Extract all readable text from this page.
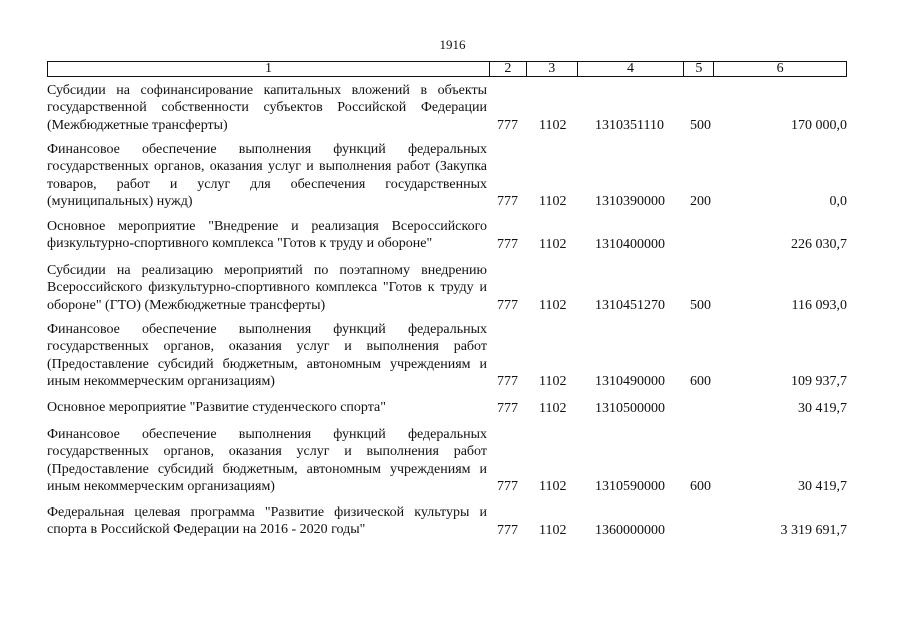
1916
1	2	3	4	5	6
Субсидии на софинансирование капитальных вложений в объекты государственной собственности субъектов Российской Федерации (Межбюджетные трансферты)	777 1102 1310351110 500	170 000,0
Финансовое обеспечение выполнения функций федеральных государственных органов, оказания услуг и выполнения работ (Закупка товаров, работ и услуг для обеспечения государственных (муниципальных) нужд)	777 1102 1310390000 200	0,0
Основное мероприятие "Внедрение и реализация Всероссийского физкультурно-спортивного комплекса "Готов к труду и обороне"	777 1102 1310400000	226 030,7
Субсидии на реализацию мероприятий по поэтапному внедрению Всероссийского физкультурно-спортивного комплекса "Готов к труду и обороне" (ГТО) (Межбюджетные трансферты)	777 1102 1310451270 500	116 093,0
Финансовое обеспечение выполнения функций федеральных государственных органов, оказания услуг и выполнения работ (Предоставление субсидий бюджетным, автономным учреждениям и иным некоммерческим организациям)	777 1102 1310490000 600	109 937,7
Основное мероприятие "Развитие студенческого спорта"	777 1102 1310500000	30 419,7
Финансовое обеспечение выполнения функций федеральных государственных органов, оказания услуг и выполнения работ (Предоставление субсидий бюджетным, автономным учреждениям и иным некоммерческим организациям)	777 1102 1310590000 600	30 419,7
Федеральная целевая программа "Развитие физической культуры и спорта в Российской Федерации на 2016 - 2020 годы"	777 1102 1360000000	3 319 691,7
